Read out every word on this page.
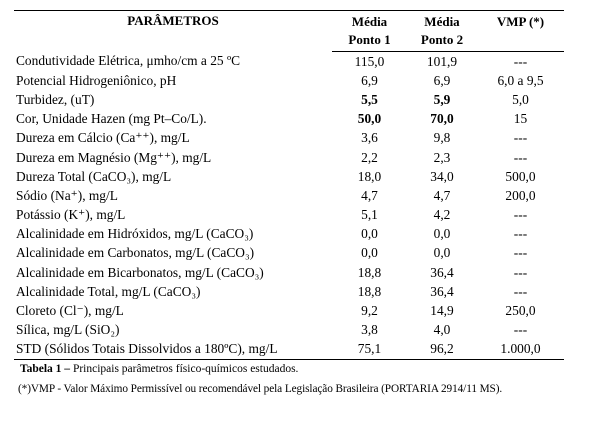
PARÂMETROS	Média	Média	VMP (*)
	Ponto 1	Ponto 2	
Condutividade Elétrica, μmho/cm a 25 ºC	115,0	101,9	---
Potencial Hidrogeniônico, pH	6,9	6,9	6,0 a 9,5
Turbidez, (uT)	5,5	5,9	5,0
Cor, Unidade Hazen (mg Pt–Co/L).	50,0	70,0	15
Dureza em Cálcio (Ca⁺⁺), mg/L	3,6	9,8	---
Dureza em Magnésio (Mg⁺⁺), mg/L	2,2	2,3	---
Dureza Total (CaCO₃), mg/L	18,0	34,0	500,0
Sódio (Na⁺), mg/L	4,7	4,7	200,0
Potássio (K⁺), mg/L	5,1	4,2	---
Alcalinidade em Hidróxidos, mg/L (CaCO₃)	0,0	0,0	---
Alcalinidade em Carbonatos, mg/L (CaCO₃)	0,0	0,0	---
Alcalinidade em Bicarbonatos, mg/L (CaCO₃)	18,8	36,4	---
Alcalinidade Total, mg/L (CaCO₃)	18,8	36,4	---
Cloreto (Cl⁻), mg/L	9,2	14,9	250,0
Sílica, mg/L (SiO₂)	3,8	4,0	---
STD (Sólidos Totais Dissolvidos a 180ºC), mg/L	75,1	96,2	1.000,0
Tabela 1 – Principais parâmetros físico-químicos estudados.
(*)VMP - Valor Máximo Permissível ou recomendável pela Legislação Brasileira (PORTARIA 2914/11 MS).
